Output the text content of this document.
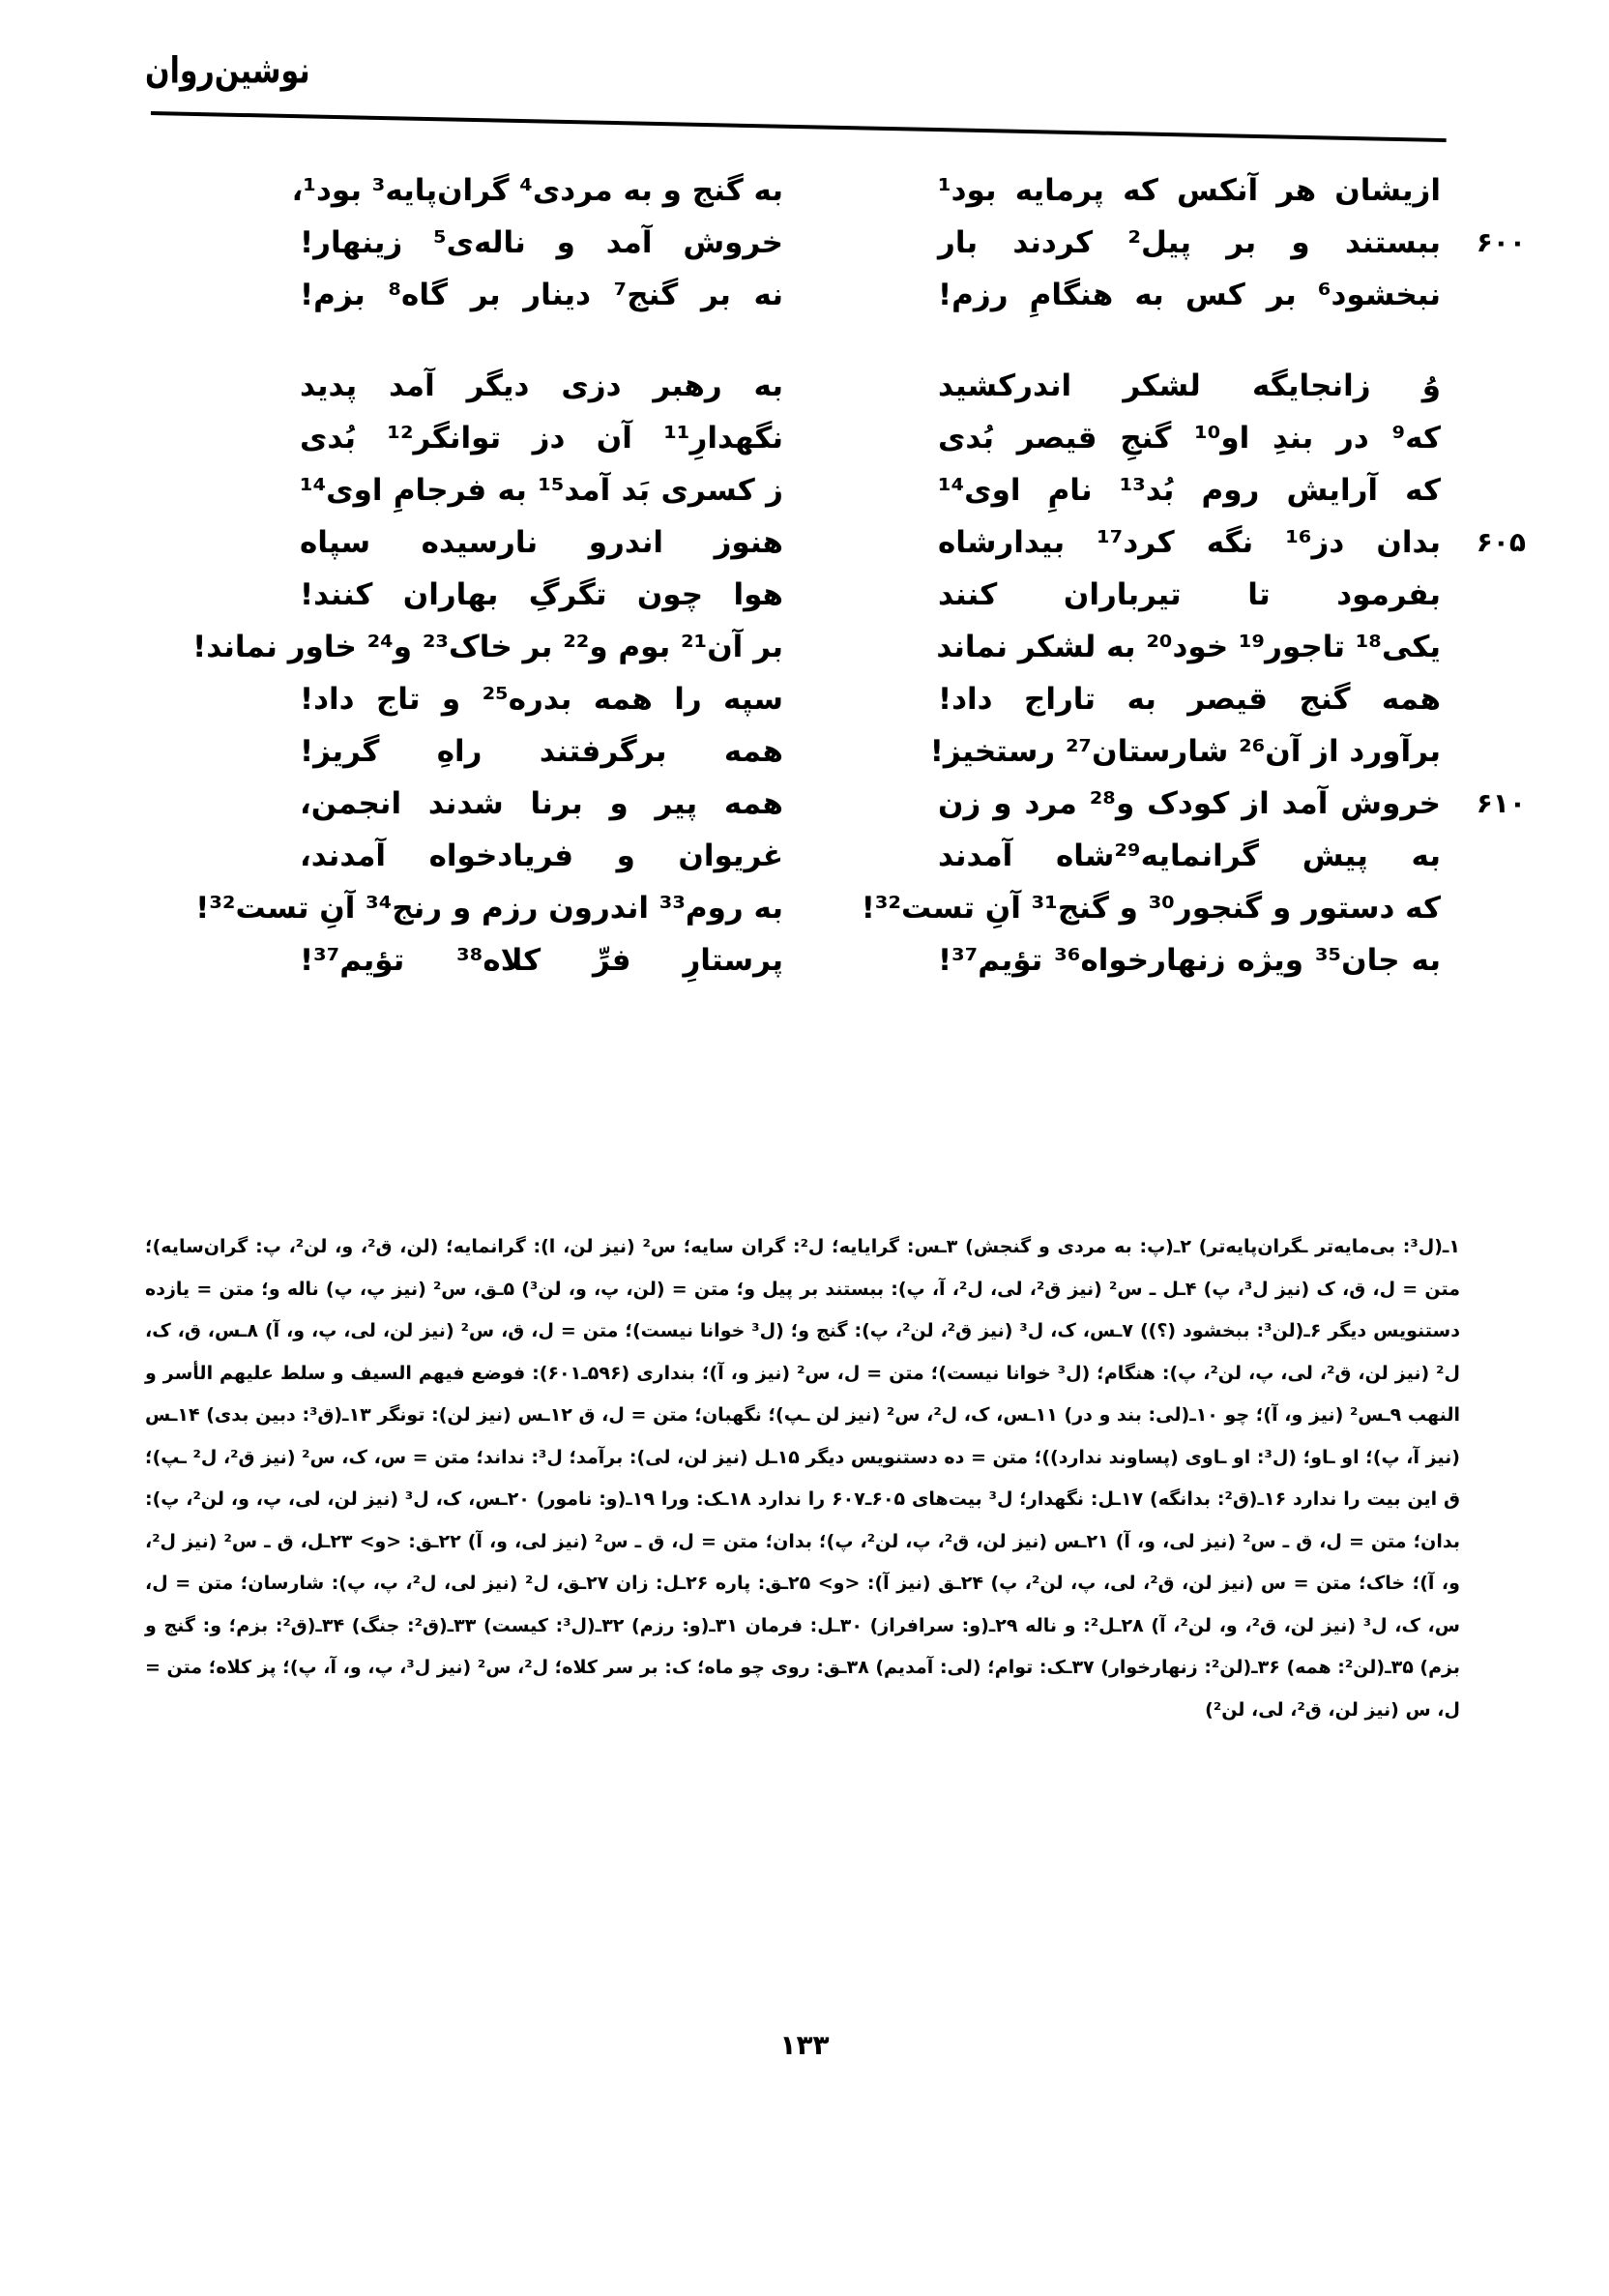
نوشین‌روان
ازیشان هر آنکس که پرمایه بود¹
۶۰۰
ببستند و بر پیل² کردند بار
نبخشود⁶ بر کس به هنگامِ رزم!
به گنج و به مردی⁴ گران‌پایه³ بود¹،
خروش آمد و ناله‌ی⁵ زینهار!
نه بر گنج⁷ دینار بر گاه⁸ بزم!
وُ زانجایگه لشکر اندرکشید
که⁹ در بندِ او¹⁰ گنجِ قیصر بُدی
که آرایش روم بُد¹³ نامِ اوی¹⁴
۶۰۵
بدان دز¹⁶ نگه کرد¹⁷ بیدارشاه
بفرمود تا تیرباران کنند
یکی¹⁸ تاجور¹⁹ خود²⁰ به لشکر نماند
همه گنج قیصر به تاراج داد!
برآورد از آن²⁶ شارستان²⁷ رستخیز!
۶۱۰
خروش آمد از کودک و²⁸ مرد و زن
به پیش گرانمایه²⁹شاه آمدند
که دستور و گنجور³⁰ و گنج³¹ آنِ تست³²!
به جان³⁵ ویژه زنهارخواه³⁶ تؤیم³⁷!
به رهبر دزی دیگر آمد پدید
نگهدارِ¹¹ آن دز توانگر¹² بُدی
ز کسری بَد آمد¹⁵ به فرجامِ اوی¹⁴
هنوز اندرو نارسیده سپاه
هوا چون تگرگِ بهاران کنند!
بر آن²¹ بوم و²² بر خاک²³ و²⁴ خاور نماند!
سپه را همه بدره²⁵ و تاج داد!
همه برگرفتند راهِ گریز!
همه پیر و برنا شدند انجمن،
غریوان و فریادخواه آمدند،
به روم³³ اندرون رزم و رنج³⁴ آنِ تست³²!
پرستارِ فرِّ کلاه³⁸ تؤیم³⁷!
۱ـ(ل³: بی‌مایه‌تر ـگران‌پایه‌تر) ۲ـ(پ: به مردی و گنجش) ۳ـس: گرایایه؛ ل²: گران سایه؛ س² (نیز لن، ا): گرانمایه؛ (لن، ق²، و، لن²، پ: گران‌سایه)؛ متن = ل، ق، ک (نیز ل³، پ) ۴ـل ـ س² (نیز ق²، لی، ل²، آ، پ): ببستند بر پیل و؛ متن = (لن، پ، و، لن³) ۵ـق، س² (نیز پ، پ) ناله و؛ متن = یازده دستنویس دیگر ۶ـ(لن³: ببخشود (؟)) ۷ـس، ک، ل³ (نیز ق²، لن²، پ): گنج و؛ (ل³ خوانا نیست)؛ متن = ل، ق، س² (نیز لن، لی، پ، و، آ) ۸ـس، ق، ک، ل² (نیز لن، ق²، لی، پ، لن²، پ): هنگام؛ (ل³ خوانا نیست)؛ متن = ل، س² (نیز و، آ)؛ بنداری (۵۹۶ـ۶۰۱): فوضع فیهم السیف و سلط علیهم الأسر و النهب ۹ـس² (نیز و، آ)؛ چو ۱۰ـ(لی: بند و در) ۱۱ـس، ک، ل²، س² (نیز لن ـپ)؛ نگهبان؛ متن = ل، ق ۱۲ـس (نیز لن): تونگر ۱۳ـ(ق³: دبین بدی) ۱۴ـس (نیز آ، پ)؛ او ـاو؛ (ل³: او ـاوی (پساوند ندارد))؛ متن = ده دستنویس دیگر ۱۵ـل (نیز لن، لی): برآمد؛ ل³: نداند؛ متن = س، ک، س² (نیز ق²، ل² ـپ)؛ ق این بیت را ندارد ۱۶ـ(ق²: بدانگه) ۱۷ـل: نگهدار؛ ل³ بیت‌های ۶۰۵ـ۶۰۷ را ندارد ۱۸ـک: ورا ۱۹ـ(و: نامور) ۲۰ـس، ک، ل³ (نیز لن، لی، پ، و، لن²، پ): بدان؛ متن = ل، ق ـ س² (نیز لی، و، آ) ۲۱ـس (نیز لن، ق²، پ، لن²، پ)؛ بدان؛ متن = ل، ق ـ س² (نیز لی، و، آ) ۲۲ـق: <و> ۲۳ـل، ق ـ س² (نیز ل²، و، آ)؛ خاک؛ متن = س (نیز لن، ق²، لی، پ، لن²، پ) ۲۴ـق (نیز آ): <و> ۲۵ـق: پاره ۲۶ـل: زان ۲۷ـق، ل² (نیز لی، ل²، پ، پ): شارسان؛ متن = ل، س، ک، ل³ (نیز لن، ق²، و، لن²، آ) ۲۸ـل²: و ناله ۲۹ـ(و: سرافراز) ۳۰ـل: فرمان ۳۱ـ(و: رزم) ۳۲ـ(ل³: کیست) ۳۳ـ(ق²: جنگ) ۳۴ـ(ق²: بزم؛ و: گنج و بزم) ۳۵ـ(لن²: همه) ۳۶ـ(لن²: زنهارخوار) ۳۷ـک: توام؛ (لی: آمدیم) ۳۸ـق: روی چو ماه؛ ک: بر سر کلاه؛ ل²، س² (نیز ل³، پ، و، آ، پ)؛ پز کلاه؛ متن = ل، س (نیز لن، ق²، لی، لن²)
۱۳۳
